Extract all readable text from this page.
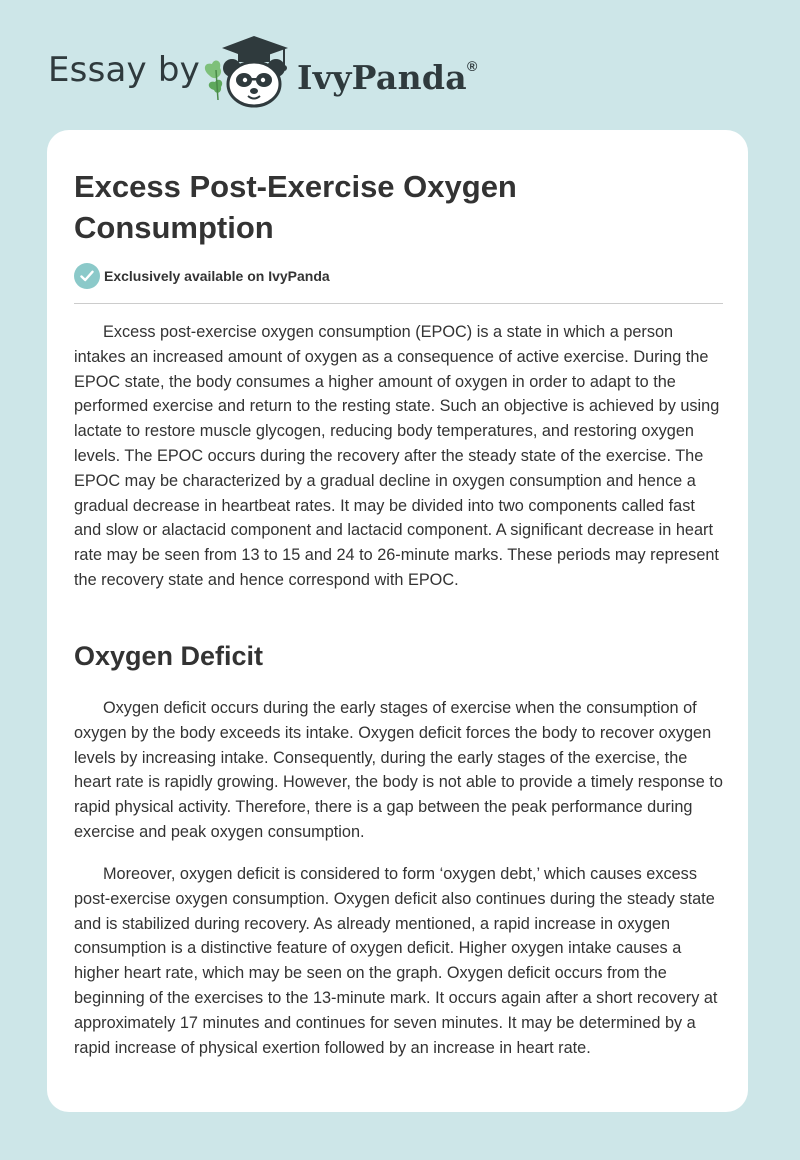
Essay by	IvyPanda®
Excess Post-Exercise Oxygen Consumption
Exclusively available on IvyPanda

Excess post-exercise oxygen consumption (EPOC) is a state in which a person intakes an increased amount of oxygen as a consequence of active exercise. During the EPOC state, the body consumes a higher amount of oxygen in order to adapt to the performed exercise and return to the resting state. Such an objective is achieved by using lactate to restore muscle glycogen, reducing body temperatures, and restoring oxygen levels. The EPOC occurs during the recovery after the steady state of the exercise. The EPOC may be characterized by a gradual decline in oxygen consumption and hence a gradual decrease in heartbeat rates. It may be divided into two components called fast and slow or alactacid component and lactacid component. A significant decrease in heart rate may be seen from 13 to 15 and 24 to 26-minute marks. These periods may represent the recovery state and hence correspond with EPOC.

Oxygen Deficit

Oxygen deficit occurs during the early stages of exercise when the consumption of oxygen by the body exceeds its intake. Oxygen deficit forces the body to recover oxygen levels by increasing intake. Consequently, during the early stages of the exercise, the heart rate is rapidly growing. However, the body is not able to provide a timely response to rapid physical activity. Therefore, there is a gap between the peak performance during exercise and peak oxygen consumption.

Moreover, oxygen deficit is considered to form ‘oxygen debt,’ which causes excess post-exercise oxygen consumption. Oxygen deficit also continues during the steady state and is stabilized during recovery. As already mentioned, a rapid increase in oxygen consumption is a distinctive feature of oxygen deficit. Higher oxygen intake causes a higher heart rate, which may be seen on the graph. Oxygen deficit occurs from the beginning of the exercises to the 13-minute mark. It occurs again after a short recovery at approximately 17 minutes and continues for seven minutes. It may be determined by a rapid increase of physical exertion followed by an increase in heart rate.
